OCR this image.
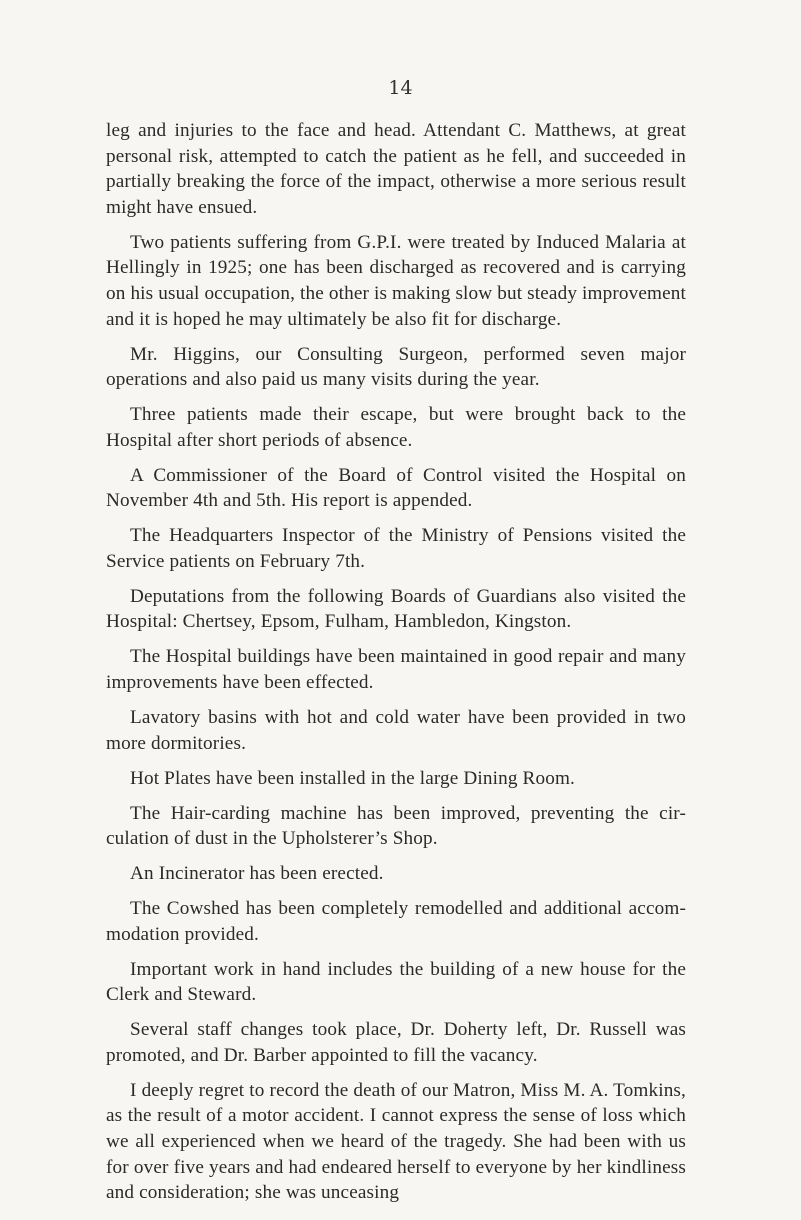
14

leg and injuries to the face and head. Attendant C. Matthews, at great personal risk, attempted to catch the patient as he fell, and succeeded in partially breaking the force of the impact, otherwise a more serious result might have ensued.

Two patients suffering from G.P.I. were treated by Induced Malaria at Hellingly in 1925; one has been discharged as recovered and is carrying on his usual occupation, the other is making slow but steady improvement and it is hoped he may ultimately be also fit for discharge.

Mr. Higgins, our Consulting Surgeon, performed seven major operations and also paid us many visits during the year.

Three patients made their escape, but were brought back to the Hospital after short periods of absence.

A Commissioner of the Board of Control visited the Hospital on November 4th and 5th. His report is appended.

The Headquarters Inspector of the Ministry of Pensions visited the Service patients on February 7th.

Deputations from the following Boards of Guardians also visited the Hospital: Chertsey, Epsom, Fulham, Hambledon, Kingston.

The Hospital buildings have been maintained in good repair and many improvements have been effected.

Lavatory basins with hot and cold water have been provided in two more dormitories.

Hot Plates have been installed in the large Dining Room.

The Hair-carding machine has been improved, preventing the cir-culation of dust in the Upholsterer’s Shop.

An Incinerator has been erected.

The Cowshed has been completely remodelled and additional accom-modation provided.

Important work in hand includes the building of a new house for the Clerk and Steward.

Several staff changes took place, Dr. Doherty left, Dr. Russell was promoted, and Dr. Barber appointed to fill the vacancy.

I deeply regret to record the death of our Matron, Miss M. A. Tomkins, as the result of a motor accident. I cannot express the sense of loss which we all experienced when we heard of the tragedy. She had been with us for over five years and had endeared herself to everyone by her kindliness and consideration; she was unceasing
